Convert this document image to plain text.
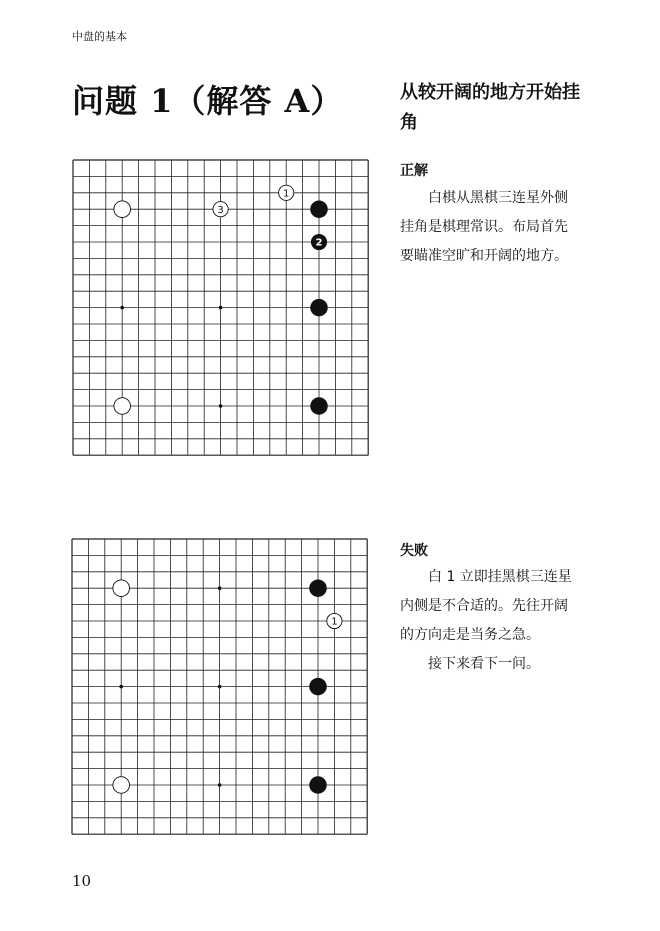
中盘的基本
问题 1（解答 A）	从较开阔的地方开始挂角
1
2
3
正解

白棋从黑棋三连星外侧挂角是棋理常识。布局首先要瞄准空旷和开阔的地方。

1
失败

白 1 立即挂黑棋三连星内侧是不合适的。先往开阔的方向走是当务之急。

接下来看下一问。

10
